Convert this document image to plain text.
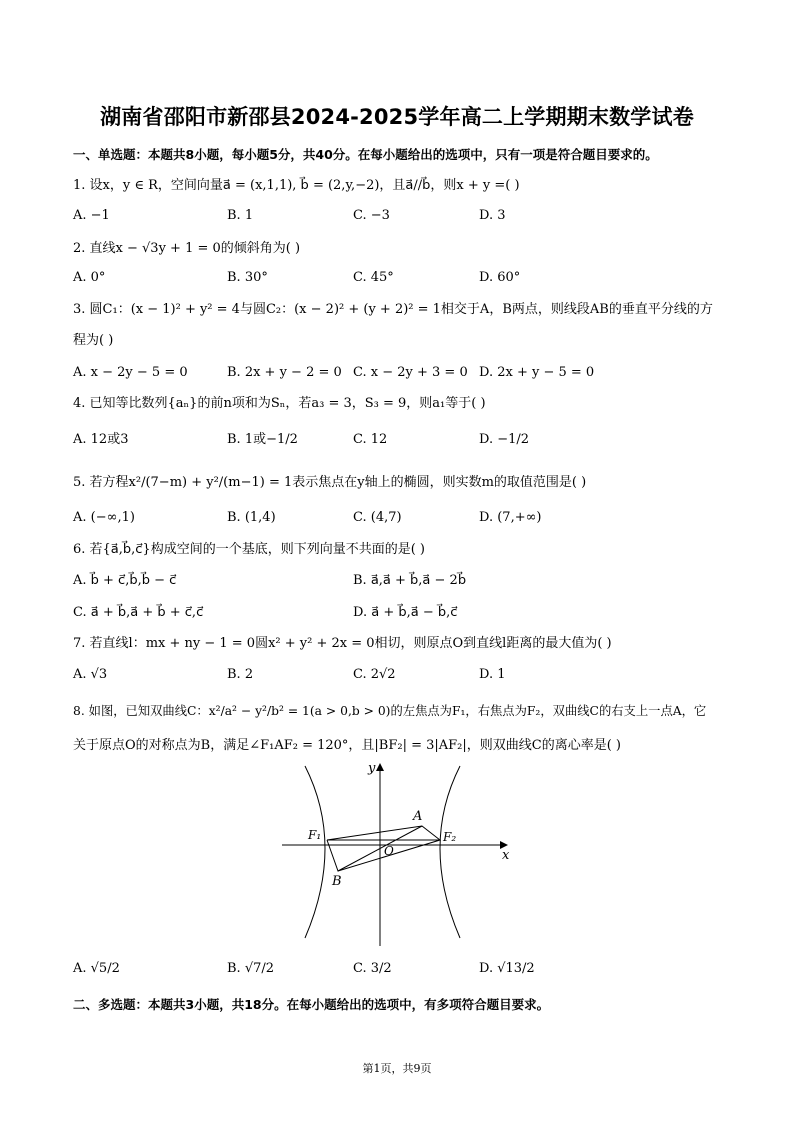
湖南省邵阳市新邵县2024-2025学年高二上学期期末数学试卷
一、单选题：本题共8小题，每小题5分，共40分。在每小题给出的选项中，只有一项是符合题目要求的。
1. 设x，y ∈ R，空间向量a⃗ = (x,1,1), b⃗ = (2,y,−2)，且a⃗//b⃗，则x + y =( )
A. −1	B. 1	C. −3	D. 3
2. 直线x − √3y + 1 = 0的倾斜角为( )
A. 0°	B. 30°	C. 45°	D. 60°
3. 圆C₁：(x − 1)² + y² = 4与圆C₂：(x − 2)² + (y + 2)² = 1相交于A，B两点，则线段AB的垂直平分线的方
程为( )
A. x − 2y − 5 = 0	B. 2x + y − 2 = 0 C. x − 2y + 3 = 0 D. 2x + y − 5 = 0
4. 已知等比数列{aₙ}的前n项和为Sₙ，若a₃ = 3，S₃ = 9，则a₁等于( )
A. 12或3	B. 1或−1/2	C. 12	D. −1/2
5. 若方程x²/(7−m) + y²/(m−1) = 1表示焦点在y轴上的椭圆，则实数m的取值范围是( )
A. (−∞,1)	B. (1,4)	C. (4,7)	D. (7,+∞)
6. 若{a⃗,b⃗,c⃗}构成空间的一个基底，则下列向量不共面的是( )
A. b⃗ + c⃗,b⃗,b⃗ − c⃗	B. a⃗,a⃗ + b⃗,a⃗ − 2b⃗
C. a⃗ + b⃗,a⃗ + b⃗ + c⃗,c⃗	D. a⃗ + b⃗,a⃗ − b⃗,c⃗
7. 若直线l：mx + ny − 1 = 0圆x² + y² + 2x = 0相切，则原点O到直线l距离的最大值为( )
A. √3	B. 2	C. 2√2	D. 1
8. 如图，已知双曲线C：x²/a² − y²/b² = 1(a > 0,b > 0)的左焦点为F₁，右焦点为F₂，双曲线C的右支上一点A，它
关于原点O的对称点为B，满足∠F₁AF₂ = 120°，且|BF₂| = 3|AF₂|，则双曲线C的离心率是( )
y
x
A
B
O
F₁	F₂
A. √5/2	B. √7/2	C. 3/2	D. √13/2
二、多选题：本题共3小题，共18分。在每小题给出的选项中，有多项符合题目要求。
第1页，共9页
